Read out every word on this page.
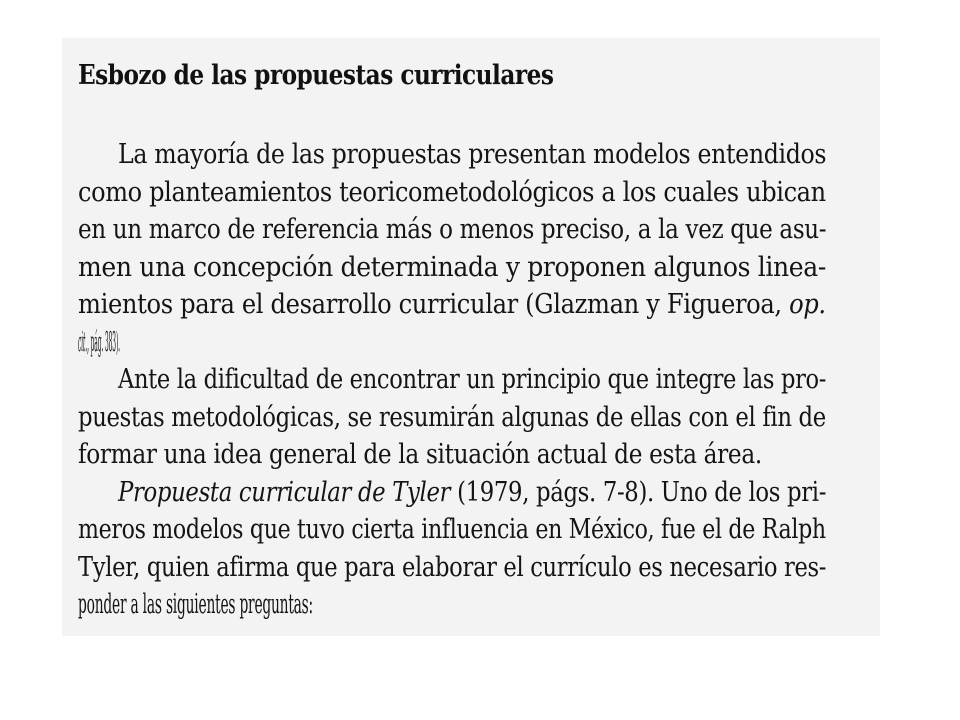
Esbozo de las propuestas curriculares
La mayoría de las propuestas presentan modelos entendidos
como planteamientos teoricometodológicos a los cuales ubican
en un marco de referencia más o menos preciso, a la vez que asu-
men una concepción determinada y proponen algunos linea-
mientos para el desarrollo curricular (Glazman y Figueroa, op.
cit., pág. 383).
Ante la dificultad de encontrar un principio que integre las pro-
puestas metodológicas, se resumirán algunas de ellas con el fin de
formar una idea general de la situación actual de esta área.
Propuesta curricular de Tyler (1979, págs. 7-8). Uno de los pri-
meros modelos que tuvo cierta influencia en México, fue el de Ralph
Tyler, quien afirma que para elaborar el currículo es necesario res-
ponder a las siguientes preguntas:
